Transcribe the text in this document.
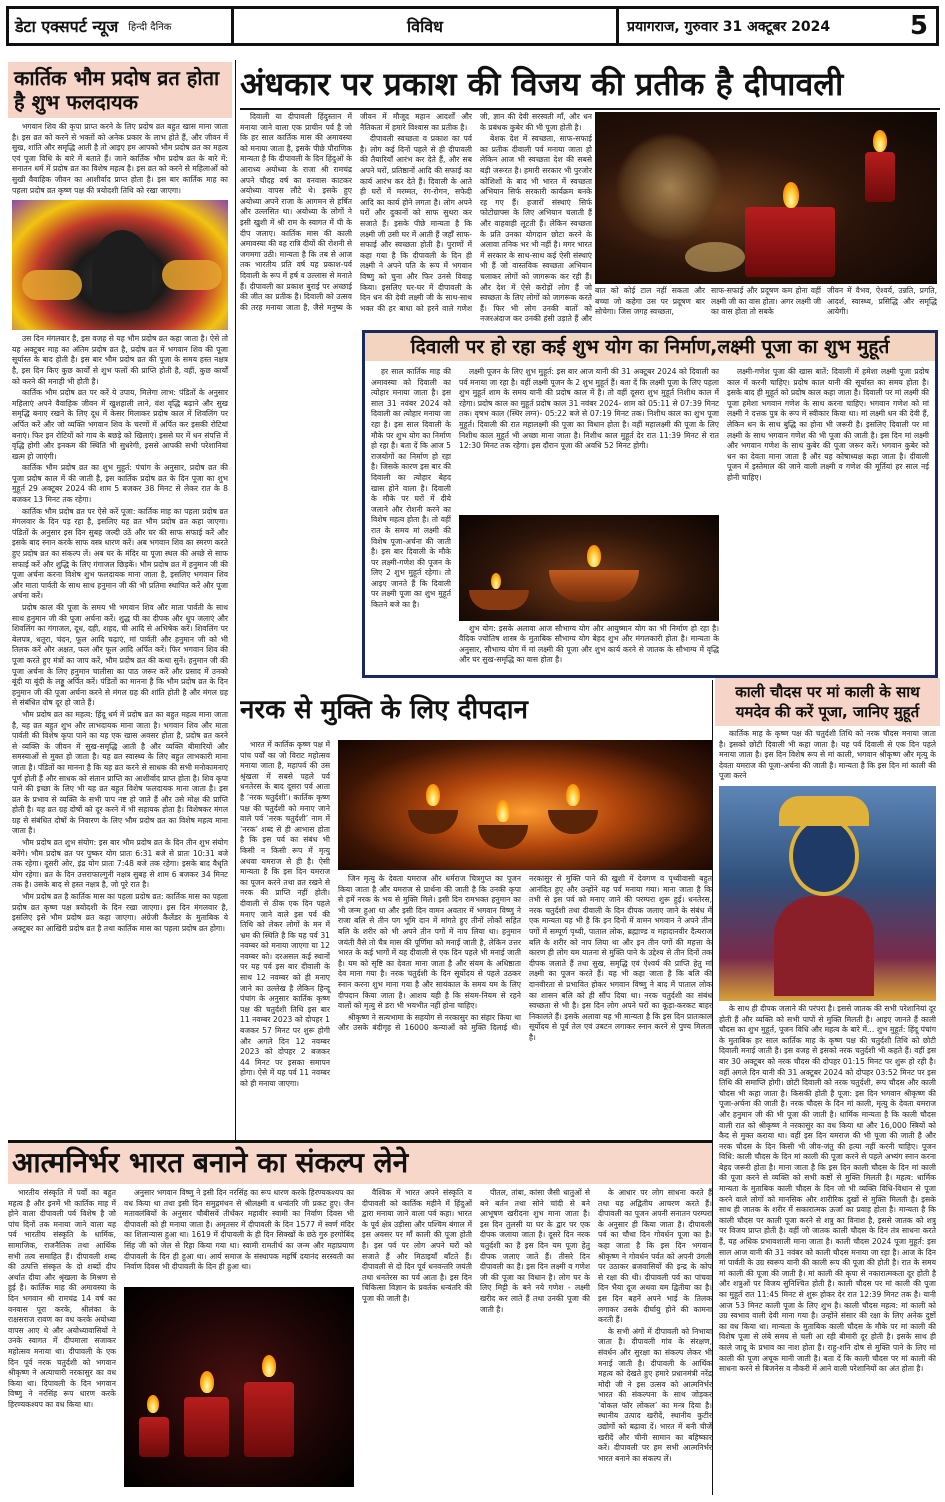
डेटा एक्सपर्ट न्यूज हिन्दी दैनिक	विविध	प्रयागराज, गुरुवार 31 अक्टूबर 2024	5
कार्तिक भौम प्रदोष व्रत होता है शुभ फलदायक

भगवान शिव की कृपा प्राप्त करने के लिए प्रदोष व्रत बहुत खास माना जाता है। इस व्रत को करने से भक्तों को अनेक प्रकार के लाभ होते हैं, और जीवन में सुख, शांति और समृद्धि आती है तो आइए हम आपको भौम प्रदोष व्रत का महत्व एवं पूजा विधि के बारे में बताते हैं। जाने कार्तिक भौम प्रदोष व्रत के बारे में: सनातन धर्म में प्रदोष व्रत का विशेष महत्व है। इस व्रत को करने से महिलाओं को सुखी वैवाहिक जीवन का आशीर्वाद प्राप्त होता है। इस बार कार्तिक माह का पहला प्रदोष व्रत कृष्ण पक्ष की त्रयोदशी तिथि को रखा जाएगा।

उस दिन मंगलवार है, इस वजह से यह भौम प्रदोष व्रत कहा जाता है। ऐसे तो यह अक्टूबर माह का अंतिम प्रदोष व्रत है, प्रदोष व्रत में भगवान शिव की पूजा सूर्यास्त के बाद होती है। इस बार भौम प्रदोष व्रत की पूजा के समय हस्त नक्षत्र है, इस दिन किए कुछ कार्यों से शुभ फलों की प्राप्ति होती है, वहीं, कुछ कार्यों को करने की मनाही भी होती है।

कार्तिक भौम प्रदोष व्रत पर करें ये उपाय, मिलेगा लाभ: पंडितों के अनुसार महिलाएं अपने वैवाहिक जीवन में खुशहाली लाने, वंश वृद्धि बढ़ाने और सुख समृद्धि बनाए रखने के लिए दूध में केसर मिलाकर प्रदोष काल में शिवलिंग पर अर्पित करें और जो व्यक्ति भगवान शिव के चरणों में अर्पित कर इसकी रोटियां बनाएं। फिर इन रोटियों को गाय के बछड़े को खिलाएं। इससे घर में धन संपत्ति में वृद्धि होगी और इनकम की स्थिति भी सुधरेगी, इससे आपकी सभी परेशानियां खत्म हो जाएंगी।

कार्तिक भौम प्रदोष व्रत का शुभ मुहूर्त: पंचांग के अनुसार, प्रदोष व्रत की पूजा प्रदोष काल में की जाती है, इस कार्तिक प्रदोष व्रत के दिन पूजा का शुभ मुहूर्त 29 अक्टूबर 2024 की शाम 5 बजकर 38 मिनट से लेकर रात के 8 बजकर 13 मिनट तक रहेगा।

कार्तिक भौम प्रदोष व्रत पर ऐसे करें पूजा: कार्तिक माह का पहला प्रदोष व्रत मंगलवार के दिन पड़ रहा है, इसलिए यह व्रत भौम प्रदोष व्रत कहा जाएगा। पंडितों के अनुसार इस दिन सुबह जल्दी उठें और घर की साफ सफाई करें और इसके बाद स्नान करके साफ वस्त्र धारण करें। अब भगवान शिव का स्मरण करते हुए प्रदोष व्रत का संकल्प लें। अब घर के मंदिर या पूजा स्थल की अच्छे से साफ सफाई करें और शुद्धि के लिए गंगाजल छिड़कें। भौम प्रदोष व्रत में हनुमान जी की पूजा अर्चना करना विशेष शुभ फलदायक माना जाता है, इसलिए भगवान शिव और माता पार्वती के साथ साथ हनुमान जी की भी प्रतिमा स्थापित करें और पूजा अर्चना करें।

प्रदोष काल की पूजा के समय भी भगवान शिव और माता पार्वती के साथ साथ हनुमान जी की पूजा अर्चना करें। शुद्ध घी का दीपक और धूप जलाएं और शिवलिंग का गंगाजल, दूध, दही, शहद, घी आदि से अभिषेक करें। शिवलिंग पर बेलपत्र, धतूरा, चंदन, फूल आदि चढ़ाएं, मां पार्वती और हनुमान जी को भी तिलक करें और अक्षत, फल और फूल आदि अर्पित करें। फिर भगवान शिव की पूजा करते हुए मंत्रों का जाप करें, भौम प्रदोष व्रत की कथा सुनें। हनुमान जी की पूजा अर्चना के लिए हनुमान चालीसा का पाठ जरूर करें और प्रसाद में उनको बूंदी या बूंदी के लड्डू अर्पित करें। पंडितों का मानना है कि भौम प्रदोष व्रत के दिन हनुमान जी की पूजा अर्चना करने से मंगल ग्रह की शांति होती है और मंगल ग्रह से संबंधित दोष दूर हो जाते हैं।

भौम प्रदोष व्रत का महत्व: हिंदू धर्म में प्रदोष व्रत का बहुत महत्व माना जाता है, यह व्रत बहुत शुभ और लाभदायक माना जाता है। भगवान शिव और माता पार्वती की विशेष कृपा पाने का यह एक खास अवसर होता है, प्रदोष व्रत करने से व्यक्ति के जीवन में सुख-समृद्धि आती है और व्यक्ति बीमारियों और समस्याओं से मुक्त हो जाता है। यह व्रत स्वास्थ्य के लिए बहुत लाभकारी माना जाता है। पंडितों का मानना है कि यह व्रत करने से साधक की सभी मनोकामनाएं पूर्ण होती हैं और साधक को संतान प्राप्ति का आशीर्वाद प्राप्त होता है। शिव कृपा पाने की इच्छा के लिए भी यह व्रत बहुत विशेष फलदायक माना जाता है। इस व्रत के प्रभाव से व्यक्ति के सभी पाप नष्ट हो जाते हैं और उसे मोक्ष की प्राप्ति होती है। यह व्रत ग्रह दोषों को दूर करने में भी सहायक होता है। विशेषकर मंगल ग्रह से संबंधित दोषों के निवारण के लिए भौम प्रदोष व्रत का विशेष महत्व माना जाता है।

भौम प्रदोष व्रत शुभ संयोग: इस बार भौम प्रदोष व्रत के दिन तीन शुभ संयोग बनेंगे। भौम प्रदोष व्रत पर पुष्कर योग प्रातः 6:31 बजे से प्रातः 10:31 बजे तक रहेगा। दूसरी ओर, इंद्र योग प्रातः 7:48 बजे तक रहेगा। इसके बाद वैधृति योग रहेगा। व्रत के दिन उत्तराफाल्गुनी नक्षत्र सुबह से शाम 6 बजकर 34 मिनट तक है। उसके बाद से हस्त नक्षत्र है, जो पूरे रात है।

भौम प्रदोष व्रत है कार्तिक मास का पहला प्रदोष व्रत: कार्तिक मास का पहला प्रदोष व्रत कृष्ण पक्ष त्रयोदशी के दिन रखा जाएगा। इस दिन मंगलवार है, इसलिए इसे भौम प्रदोष व्रत कहा जाएगा। अंग्रेजी कैलेंडर के मुताबिक ये अक्टूबर का आखिरी प्रदोष व्रत है तथा कार्तिक मास का पहला प्रदोष व्रत होगा।

अंधकार पर प्रकाश की विजय की प्रतीक है दीपावली

दिवाली या दीपावली हिंदुस्तान में मनाया जाने वाला एक प्राचीन पर्व है जो कि हर साल कार्तिक मास की अमावस्या को मनाया जाता है, इसके पीछे पौराणिक मान्यता है कि दीपावली के दिन हिंदुओं के आराध्य अयोध्या के राजा श्री रामचंद्र अपने चौदह वर्ष का वनवास काटकर अयोध्या वापस लौटे थे। इसके हुए अयोध्या अपने राजा के आगमन से हर्षित और उल्लसित था। अयोध्या के लोगों ने इसी खुशी में श्री राम के स्वागत में घी के दीप जलाए। कार्तिक मास की काली अमावस्या की वह रात्रि दीयों की रोशनी से जगमगा उठी। मान्यता है कि तब से आज तक भारतीय प्रति वर्ष यह प्रकाश-पर्व दिवाली के रूप में हर्ष व उल्लास से मनाते हैं। दीपावली का प्रकाश बुराई पर अच्छाई की जीत का प्रतीक है। दिवाली को उत्सव की तरह मनाया जाता है, जैसे मनुष्य के जीवन में मौजूद महान आदर्शों और नैतिकता में हमारे विश्वास का प्रतीक है।

दीपावली स्वच्छता व प्रकाश का पर्व है। लोग कई दिनों पहले से ही दीपावली की तैयारियाँ आरंभ कर देते हैं, और सब अपने घरों, प्रतिष्ठानों आदि की सफाई का कार्य आरंभ कर देते हैं। दिवाली के आते ही घरों में मरम्मत, रंग-रोगन, सफेदी आदि का कार्य होने लगता है। लोग अपने घरों और दुकानों को साफ सुथरा कर सजाते हैं। इसके पीछे मान्यता है कि लक्ष्मी जी उसी घर में आती हैं जहाँ साफ-सफाई और स्वच्छता होती है। पुराणों में कहा गया है कि दीपावली के दिन ही लक्ष्मी ने अपने पति के रूप में भगवान विष्णु को चुना और फिर उनसे विवाह किया। इसलिए घर-घर में दीपावली के दिन धन की देवी लक्ष्मी जी के साथ-साथ भक्त की हर बाधा को हरने वाले गणेश जी, ज्ञान की देवी सरस्वती माँ, और धन के प्रबंधक कुबेर की भी पूजा होती है।

बेशक देश में स्वच्छता, साफ-सफाई का प्रतीक दीवाली पर्व मनाया जाता हो लेकिन आज भी स्वच्छता देश की सबसे बड़ी जरूरत है। हमारी सरकार भी पुरजोर कोशिशों के बाद भी भारत में स्वच्छता अभियान सिर्फ सरकारी कार्यक्रम बनके रह गए हैं। हजारों संस्थाएं सिर्फ फोटोग्राफ्स के लिए अभियान चलाती हैं और वाहवाही लूटती हैं। लेकिन स्वच्छता के प्रति उनका योगदान छोटा करने के अलावा तनिक भर भी नहीं है। मगर भारत में सरकार के साथ-साथ कई ऐसी संस्थाएं भी हैं जो वास्तविक स्वच्छता अभियान चलाकर लोगों को जागरूक कर रही हैं। और देश में ऐसे करोड़ों लोग हैं जो स्वच्छता के लिए लोगों को जागरूक करते हैं। फिर भी लोग उनकी बातों को नजरअंदाज कर उनकी हंसी उड़ाते हैं और

बात को कोई टाल नहीं सकता और बच्चा जो कहेगा उस पर प्रदूषण बार सोचेगा। जिस जगह स्वच्छता,
साफ-सफाई और प्रदूषण कम होना वहीं लक्ष्मी जी का वास होता। अगर लक्ष्मी जी का वास होता तो सबके
जीवन में वैभव, ऐश्वर्य, उन्नति, प्रगति, आदर्श, स्वास्थ्य, प्रसिद्धि और समृद्धि आयेगी।
दिवाली पर हो रहा कई शुभ योग का निर्माण,लक्ष्मी पूजा का शुभ मुहूर्त

हर साल कार्तिक माह की अमावस्या को दिवाली का त्योहार मनाया जाता है। इस साल 31 नवंबर 2024 को दिवाली का त्योहार मनाया जा रहा है। इस साल दिवाली के मौके पर शुभ योग का निर्माण हो रहा है। बता दें कि आज 5 राजयोगों का निर्माण हो रहा है। जिसके कारण इस बार की दिवाली का त्योहार बेहद खास होने वाला है। दिवाली के मौके पर घरों में दीये जलाने और रोशनी करने का विशेष महत्व होता है। तो वहीं रात के समय मां लक्ष्मी की विशेष पूजा-अर्चना की जाती है। इस बार दिवाली के मौके पर लक्ष्मी-गणेश की पूजन के लिए 2 शुभ मुहूर्त रहेगा। तो आइए जानते हैं कि दिवाली पर लक्ष्मी पूजा का शुभ मुहूर्त कितने बजे का है।

लक्ष्मी पूजन के लिए शुभ मुहूर्त: इस बार आज यानी की 31 अक्टूबर 2024 को दिवाली का पर्व मनाया जा रहा है। वहीं लक्ष्मी पूजन के 2 शुभ मुहूर्त हैं। बता दें कि लक्ष्मी पूजा के लिए पहला शुभ मुहूर्त शाम के समय यानी की प्रदोष काल में है। तो वहीं दूसरा शुभ मुहूर्त निशीथ काल में रहेगा। प्रदोष काल का मुहूर्त प्रदोष काल 31 नवंबर 2024- शाम को 05:11 से 07:39 मिनट तक। वृषभ काल (स्थिर लग्न)- 05:22 बजे से 07:19 मिनट तक। निशीथ काल का शुभ पूजा मुहूर्त। दिवाली की रात महालक्ष्मी की पूजा का विधान होता है। वहीं महालक्ष्मी की पूजा के लिए निशीथ काल मुहूर्त भी अच्छा माना जाता है। निशीथ काल मुहूर्त देर रात 11:39 मिनट से रात 12:30 मिनट तक रहेगा। इस दौरान पूजा की अवधि 52 मिनट होगी।

शुभ योग: इसके अलावा आज सौभाग्य योग और आयुष्मान योग का भी निर्माण हो रहा है। वैदिक ज्योतिष शास्त्र के मुताबिक सौभाग्य योग बेहद शुभ और मंगलकारी होता है। मान्यता के अनुसार, सौभाग्य योग में मां लक्ष्मी की पूजा और शुभ कार्य करने से जातक के सौभाग्य में वृद्धि और घर सुख-समृद्धि का वास होता है।

लक्ष्मी-गणेश पूजा की खास बातें: दिवाली में हमेशा लक्ष्मी पूजा प्रदोष काल में करनी चाहिए। प्रदोष काल यानी की सूर्यास्त का समय होता है। इसके बाद ही मुहूर्त को प्रदोष काल कहा जाता है। दिवाली पर मां लक्ष्मी की पूजा हमेशा भगवान गणेश के साथ करना चाहिए। भगवान गणेश को मां लक्ष्मी ने दत्तक पुत्र के रूप में स्वीकार किया था। मां लक्ष्मी धन की देवी हैं, लेकिन धन के साथ बुद्धि का होना भी जरूरी है। इसलिए दिवाली पर मां लक्ष्मी के साथ भगवान गणेश की भी पूजा की जाती है। इस दिन मां लक्ष्मी और भगवान गणेश के साथ कुबेर की पूजा जरूर करें। भगवान कुबेर को धन का देवता माना जाता है और यह कोषाध्यक्ष कहा जाता है। दीवाली पूजन में इस्तेमाल की जाने वाली लक्ष्मी व गणेश की मूर्तियां हर साल नई होनी चाहिए।

नरक से मुक्ति के लिए दीपदान

भारत में कार्तिक कृष्ण पक्ष में पांच पर्वों का जो विराट महोत्सव मनाया जाता है, महापर्व की उस श्रृंखला में सबसे पहले पर्व धनतेरस के बाद दूसरा पर्व आता है ‘नरक चतुर्दशी’। कार्तिक कृष्ण पक्ष की चतुर्दशी को मनाए जाने वाले पर्व ‘नरक चतुर्दशी’ नाम में ‘नरक’ शब्द से ही आभास होता है कि इस पर्व का संबंध भी किसी न किसी रूप में मृत्यु अथवा यमराज से ही है। ऐसी मान्यता है कि इस दिन यमराज का पूजन करने तथा व्रत रखने से नरक की प्राप्ति नहीं होती। दीवाली से ठीक एक दिन पहले मनाए जाने वाले इस पर्व की तिथि को लेकर लोगों के मन में भ्रम की स्थिति है कि यह पर्व 31 नवम्बर को मनाया जाएगा या 12 नवम्बर को। दरअसल कई स्थानों पर यह पर्व इस बार दीवाली के साथ 12 नवम्बर को ही मनाए जाने का उल्लेख है लेकिन हिन्दू पंचांग के अनुसार कार्तिक कृष्ण पक्ष की चतुर्दशी तिथि इस बार 11 नवम्बर 2023 को दोपहर 1 बजकर 57 मिनट पर शुरू होगी और अगले दिन 12 नवम्बर 2023 को दोपहर 2 बजकर 44 मिनट पर इसका समापन होगा। ऐसे में यह पर्व 11 नवम्बर को ही मनाया जाएगा।

जिन मृत्यु के देवता यमराज और धर्मराज चित्रगुप्त का पूजन किया जाता है और यमराज से प्रार्थना की जाती है कि उनकी कृपा से हमें नरक के भय से मुक्ति मिले। इसी दिन रामभक्त हनुमान का भी जन्म हुआ था और इसी दिन वामन अवतार में भगवान विष्णु ने राजा बलि से तीन पग भूमि दान में मांगते हुए तीनों लोकों सहित बलि के शरीर को भी अपने तीन पगों में नाप लिया था। हनुमान जयंती वैसे तो चैत्र मास की पूर्णिमा को मनाई जाती है, लेकिन उत्तर भारत के कई भागों में यह दीवाली से एक दिन पहले भी मनाई जाती है। यम को सृष्टि का देवता माना जाता है और संयम के अधिष्ठाता देव माना गया है। नरक चतुर्दशी के दिन सूर्योदय से पहले उठकर स्नान करना शुभ माना गया है और सायंकाल के समय यम के लिए दीपदान किया जाता है। आशय यही है कि संयम-नियम से रहने वालों को मृत्यु से डरा भी भयभीत नहीं होना चाहिए।

श्रीकृष्ण ने सत्यभामा के सहयोग से नरकासुर का संहार किया था और उसके बंदीगृह से 16000 कन्याओं को मुक्ति दिलाई थी। नरकासुर से मुक्ति पाने की खुशी में देवगण व पृथ्वीवासी बहुत आनंदित हुए और उन्होंने यह पर्व मनाया गया। माना जाता है कि तभी से इस पर्व को मनाए जाने की परम्परा शुरू हुई। धनतेरस, नरक चतुर्दशी तथा दीवाली के दिन दीपक जलाए जाने के संबंध में एक मान्यता यह भी है कि इन दिनों में वामन भगवान ने अपने तीन पगों में सम्पूर्ण पृथ्वी, पाताल लोक, ब्रह्माण्ड व महादानवीर दैत्यराज बलि के शरीर को नाप लिया था और इन तीन पगों की महत्ता के कारण ही लोग यम यातना से मुक्ति पाने के उद्देश्य से तीन दिनों तक दीपक जलाते हैं तथा सुख, समृद्धि एवं ऐश्वर्य की प्राप्ति हेतु मां लक्ष्मी का पूजन करते हैं। यह भी कहा जाता है कि बलि की दानवीरता से प्रभावित होकर भगवान विष्णु ने बाद में पाताल लोक का शासन बलि को ही सौंप दिया था। नरक चतुर्दशी का संबंध स्वच्छता से भी है। इस दिन लोग अपने घरों का कूड़ा-करकट बाहर निकालते हैं। इसके अलावा यह भी मान्यता है कि इस दिन प्रातःकाल सूर्योदय से पूर्व तेल एवं उबटन लगाकर स्नान करने से पुण्य मिलता है।

काली चौदस पर मां काली के साथ यमदेव की करें पूजा, जानिए मुहूर्त

कार्तिक माह के कृष्ण पक्ष की चतुर्दशी तिथि को नरक चौदस मनाया जाता है। इसको छोटी दिवाली भी कहा जाता है। यह पर्व दिवाली से एक दिन पहले मनाया जाता है। इस दिन विशेष रूप से मां काली, भगवान श्रीकृष्ण और मृत्यु के देवता यमराज की पूजा-अर्चना की जाती है। मान्यता है कि इस दिन मां काली की पूजा करने

के साथ ही दीपक जलाने की परंपरा है। इससे जातक की सभी परेशानियां दूर होती हैं और व्यक्ति को सभी पापों से मुक्ति मिलती है। आइए जानते हैं काली चौदस का शुभ मुहूर्त, पूजन विधि और महत्व के बारे में... शुभ मुहूर्त: हिंदू पंचांग के मुताबिक हर साल कार्तिक माह के कृष्ण पक्ष की चतुर्दशी तिथि को छोटी दिवाली मनाई जाती है। इस वजह से इसको नरक चतुर्दशी भी कहते हैं। वहीं इस बार 30 अक्टूबर को नरक चौदस की दोपहर 01:15 मिनट पर शुरू हो रही है। वहीं अगले दिन यानी की 31 अक्टूबर 2024 को दोपहर 03:52 मिनट पर इस तिथि की समाप्ति होगी। छोटी दिवाली को नरक चतुर्दशी, रूप चौदस और काली चौदस भी कहा जाता है। किसकी होती है पूजा: इस दिन भगवान श्रीकृष्ण की पूजा-अर्चना की जाती है। नरक चौदस के दिन मां काली, मृत्यु के देवता यमराज और हनुमान जी की भी पूजा की जाती है। धार्मिक मान्यता है कि काली चौदस वाली रात को श्रीकृष्ण ने नरकासुर का वध किया था और 16,000 स्त्रियों को कैद से मुक्त कराया था। वहीं इस दिन यमराज की भी पूजा की जाती है और नरक चौदस के दिन किसी भी जीव-जंतु की हत्या नहीं करनी चाहिए। पूजन विधि: काली चौदस के दिन मां काली की पूजा करने से पहले अभ्यंग स्नान करना बेहद जरूरी होता है। माना जाता है कि इस दिन काली चौदस के दिन मां काली की पूजा करने से व्यक्ति को सभी कष्टों से मुक्ति मिलती है। महत्व: धार्मिक मान्यता के मुताबिक काली चौदस के दिन जो भी व्यक्ति विधि-विधान से पूजा करने वाले लोगों को मानसिक और शारीरिक दुखों से मुक्ति मिलती है। इसके साथ ही जातक के शरीर में सकारात्मक ऊर्जा का प्रवाह होता है। मान्यता है कि काली चौदस पर काली पूजा करने से शत्रु का विनाश है, इससे जातक को शत्रु पर विजय प्राप्त होती है। वहीं जो जातक काली चौदस के दिन तंत्र साधना करते हैं, यह अधिक प्रभावशाली माना जाता है। काली चौदस 2024 पूजा मुहूर्त: इस साल आज यानी की 31 नवंबर को काली चौदस मनाया जा रहा है। आज के दिन मां पार्वती के उग्र स्वरूप यानी की काली रूप की पूजा की होती है। रात के समय मां काली की पूजा की जाती है। मां काली की कृपा से नकारात्मकता दूर होती है और शत्रुओं पर विजय सुनिश्चित होती है। काली चौदस पर मां काली की पूजा का मुहूर्त रात 11:45 मिनट से शुरू होकर देर रात 12:39 मिनट तक है। यानी आज 53 मिनट काली पूजा के लिए शुभ है। काली चौदस महत्व: मां काली को उग्र स्वभाव वाली देवी माना गया है। उन्होंने संसार की रक्षा के लिए अनेक दुष्टों का वध किया था। मान्यता के मुताबिक काली चौदस के मौके पर मां काली की विशेष पूजा से लंबे समय से चली आ रही बीमारी दूर होती है। इसके साथ ही काले जादू के प्रभाव का नाश होता है। राहु-शनि दोष से मुक्ति पाने के लिए मां काली की पूजा अचूक मानी जाती है। बता दें कि काली चौदस पर मां काली की साधना करने से बिजनेस व नौकरी में आने वाली परेशानियों का अंत होता है।

आत्मनिर्भर भारत बनाने का संकल्प लेने

भारतीय संस्कृति में पर्वों का बहुत महत्व है और इनमें भी कार्तिक माह में होने वाला दीपावली पर्व विशेष है जो पांच दिनों तक मनाया जाने वाला यह पर्व भारतीय संस्कृति के धार्मिक, सामाजिक, राजनैतिक तथा आर्थिक सभी तत्व समाहित हैं। दीपावली शब्द की उत्पत्ति संस्कृत के दो शब्दों दीप अर्थात दीया और श्रृंखला के मिश्रण से हुई है। कार्तिक माह की अमावस्या के दिन भगवान श्री रामचंद्र 14 वर्ष का वनवास पूरा करके, श्रीलंका के राक्षसराज रावण का वध करके अयोध्या वापस आए थे और अयोध्यावासियों ने उनके स्वागत में दीपमाला सजाकर महोत्सव मनाया था। दीपावली के एक दिन पूर्व नरक चतुर्दशी को भगवान श्रीकृष्ण ने अत्याचारी नरकासुर का वध किया था। दिपावली के दिन भगवान विष्णु ने नरसिंह रूप धारण करके हिरण्यकश्यप का वध किया था।

अनुसार भगवान विष्णु ने इसी दिन नरसिंह का रूप धारण करके हिरण्यकश्यप का वध किया था तथा इसी दिन समुद्रमंथन से श्रीलक्ष्मी व धन्वंतरि जी प्रकट हुए। जैन मतावलंबियों के अनुसार चौबीसवें तीर्थंकर महावीर स्वामी का निर्वाण दिवस भी दीपावली को ही मनाया जाता है। अमृतसर में दीपावली के दिन 1577 में स्वर्ण मंदिर का शिलान्यास हुआ था। 1619 में दीपावली के ही दिन सिक्खों के छठे गुरु हरगोबिंद सिंह जी को जेल से रिहा किया गया था। स्वामी रामतीर्थ का जन्म और महाप्रयाण दीपावली के दिन ही हुआ था। आर्य समाज के संस्थापक महर्षि दयानंद सरस्वती का निर्वाण दिवस भी दीपावली के दिन ही हुआ था।

वैश्विक में भारत अपने संस्कृति व दीपावली को कार्तिक महीने में हिंदुओं द्वारा मनाया जाने वाला पर्व कहा। भारत के पूर्व क्षेत्र उड़ीसा और पश्चिम बंगाल में इस अवसर पर माँ काली की पूजा होती है। इस पर्व पर लोग अपने घरों को सजाते हैं और मिठाइयाँ बाँटते हैं। दीपावली से दो दिन पूर्व धनवन्तरि जयंती तथा धनतेरस का पर्व आता है। इस दिन चिकित्सा विज्ञान के प्रवर्तक धन्वंतरि की पूजा की जाती है।

पीतल, तांबा, कांसा जैसी धातुओं से बने बर्तन तथा सोने चांदी से बने आभूषण खरीदना शुभ माना जाता है। इस दिन तुलसी या घर के द्वार पर एक दीपक जलाया जाता है। दूसरे दिन नरक चतुर्दशी का है इस दिन यम पूजा हेतु दीपक जलाए जाते हैं। तीसरे दिन दीपावली का है। इस दिन लक्ष्मी व गणेश जी की पूजा का विधान है। लोग घर के लिए मिट्टी के बने नये गणेश - लक्ष्मी खरीद कर लाते हैं तथा उनकी पूजा की जाती है।

के आधार पर लोग साधना करते हैं तथा यह अद्वितीय आचरण करते हैं। दीपावली का पूजन अपनी सनातन परम्परा के अनुसार ही किया जाता है। दीपावली पर्व का चौथा दिन गोवर्धन पूजा का है। कहा जाता है कि इस दिन भगवान श्रीकृष्ण ने गोवर्धन पर्वत को अपनी उंगली पर उठाकर ब्रजवासियों की इन्द्र के कोप से रक्षा की थी। दीपावली पर्व का पांचवा दिन भैया दूज अथवा यम द्वितीया का है। इस दिन बहनें अपने भाई के तिलक लगाकर उसके दीर्घायु होने की कामना करती हैं।

के सभी अंगों में दीपावली को निभाया जाता है। दीपावली गांव के संरक्षण, संवर्धन और सुरक्षा का संकल्प लेकर भी मनाई जाती है। दीपावली के आर्थिक महत्व को देखते हुए हमारे प्रधानमंत्री नरेंद्र मोदी जी ने इस उत्सव को आत्मनिर्भर भारत की संकल्पना के साथ जोड़कर ‘वोकल फॉर लोकल’ का मन्त्र दिया है। स्थानीय उत्पाद खरीदें, स्थानीय कुटीर उद्योगों को बढ़ावा दें। भारत में बनी चीजें खरीदें और चीनी सामान का बहिष्कार करें। दीपावली पर हम सभी आत्मनिर्भर भारत बनाने का संकल्प लें।
